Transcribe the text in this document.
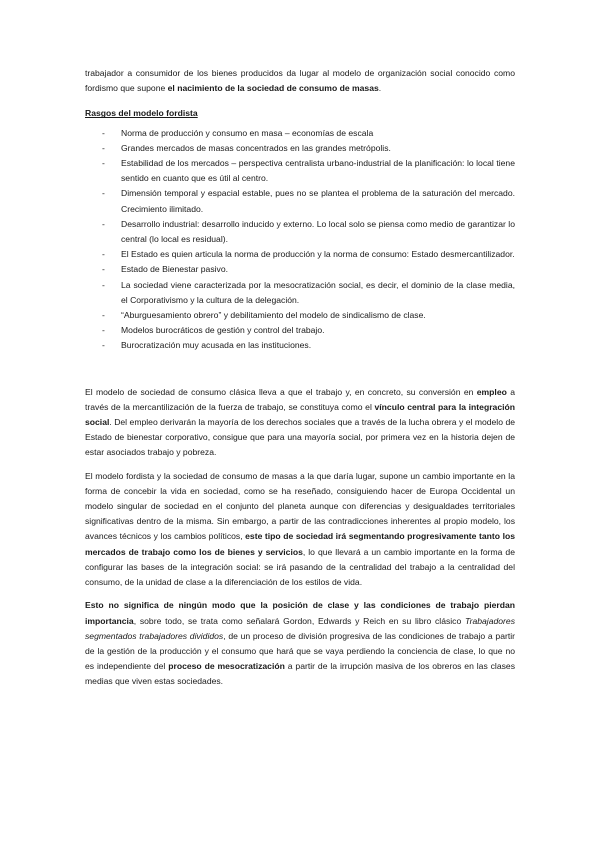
trabajador a consumidor de los bienes producidos da lugar al modelo de organización social conocido como fordismo que supone el nacimiento de la sociedad de consumo de masas.

Rasgos del modelo fordista

- Norma de producción y consumo en masa – economías de escala
- Grandes mercados de masas concentrados en las grandes metrópolis.
- Estabilidad de los mercados – perspectiva centralista urbano-industrial de la planificación: lo local tiene sentido en cuanto que es útil al centro.
- Dimensión temporal y espacial estable, pues no se plantea el problema de la saturación del mercado. Crecimiento ilimitado.
- Desarrollo industrial: desarrollo inducido y externo. Lo local solo se piensa como medio de garantizar lo central (lo local es residual).
- El Estado es quien articula la norma de producción y la norma de consumo: Estado desmercantilizador.
- Estado de Bienestar pasivo.
- La sociedad viene caracterizada por la mesocratización social, es decir, el dominio de la clase media, el Corporativismo y la cultura de la delegación.
- “Aburguesamiento obrero” y debilitamiento del modelo de sindicalismo de clase.
- Modelos burocráticos de gestión y control del trabajo.
- Burocratización muy acusada en las instituciones.

El modelo de sociedad de consumo clásica lleva a que el trabajo y, en concreto, su conversión en empleo a través de la mercantilización de la fuerza de trabajo, se constituya como el vínculo central para la integración social. Del empleo derivarán la mayoría de los derechos sociales que a través de la lucha obrera y el modelo de Estado de bienestar corporativo, consigue que para una mayoría social, por primera vez en la historia dejen de estar asociados trabajo y pobreza.

El modelo fordista y la sociedad de consumo de masas a la que daría lugar, supone un cambio importante en la forma de concebir la vida en sociedad, como se ha reseñado, consiguiendo hacer de Europa Occidental un modelo singular de sociedad en el conjunto del planeta aunque con diferencias y desigualdades territoriales significativas dentro de la misma. Sin embargo, a partir de las contradicciones inherentes al propio modelo, los avances técnicos y los cambios políticos, este tipo de sociedad irá segmentando progresivamente tanto los mercados de trabajo como los de bienes y servicios, lo que llevará a un cambio importante en la forma de configurar las bases de la integración social: se irá pasando de la centralidad del trabajo a la centralidad del consumo, de la unidad de clase a la diferenciación de los estilos de vida.

Esto no significa de ningún modo que la posición de clase y las condiciones de trabajo pierdan importancia, sobre todo, se trata como señalará Gordon, Edwards y Reich en su libro clásico Trabajadores segmentados trabajadores divididos, de un proceso de división progresiva de las condiciones de trabajo a partir de la gestión de la producción y el consumo que hará que se vaya perdiendo la conciencia de clase, lo que no es independiente del proceso de mesocratización a partir de la irrupción masiva de los obreros en las clases medias que viven estas sociedades.
